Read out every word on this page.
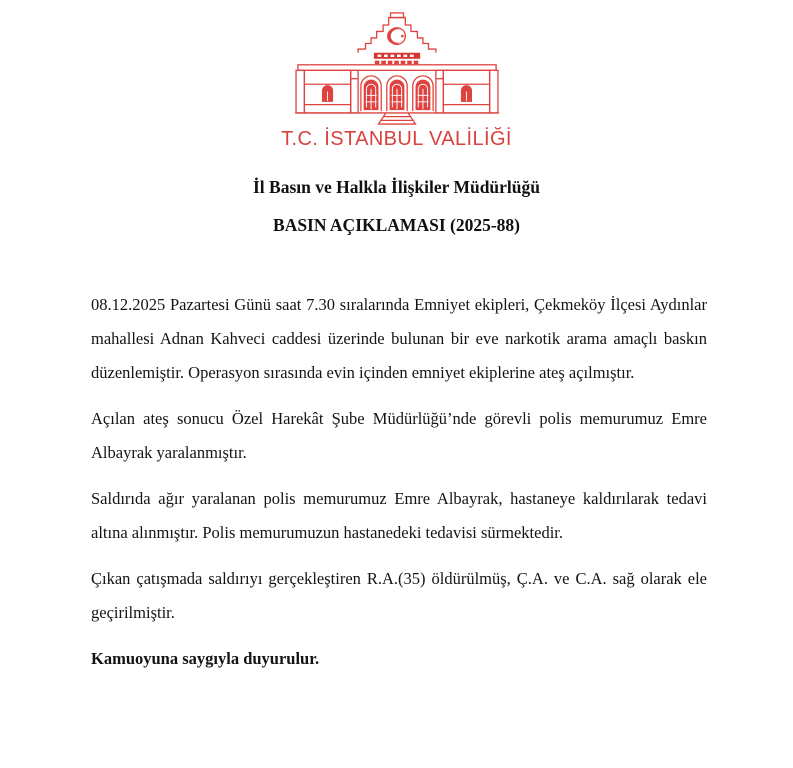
T.C. İSTANBUL VALİLİĞİ
İl Basın ve Halkla İlişkiler Müdürlüğü
BASIN AÇIKLAMASI (2025-88)

08.12.2025 Pazartesi Günü saat 7.30 sıralarında Emniyet ekipleri, Çekmeköy İlçesi Aydınlar mahallesi Adnan Kahveci caddesi üzerinde bulunan bir eve narkotik arama amaçlı baskın düzenlemiştir. Operasyon sırasında evin içinden emniyet ekiplerine ateş açılmıştır.

Açılan ateş sonucu Özel Harekât Şube Müdürlüğü’nde görevli polis memurumuz Emre Albayrak yaralanmıştır.

Saldırıda ağır yaralanan polis memurumuz Emre Albayrak, hastaneye kaldırılarak tedavi altına alınmıştır. Polis memurumuzun hastanedeki tedavisi sürmektedir.

Çıkan çatışmada saldırıyı gerçekleştiren R.A.(35) öldürülmüş, Ç.A. ve C.A. sağ olarak ele geçirilmiştir.

Kamuoyuna saygıyla duyurulur.
